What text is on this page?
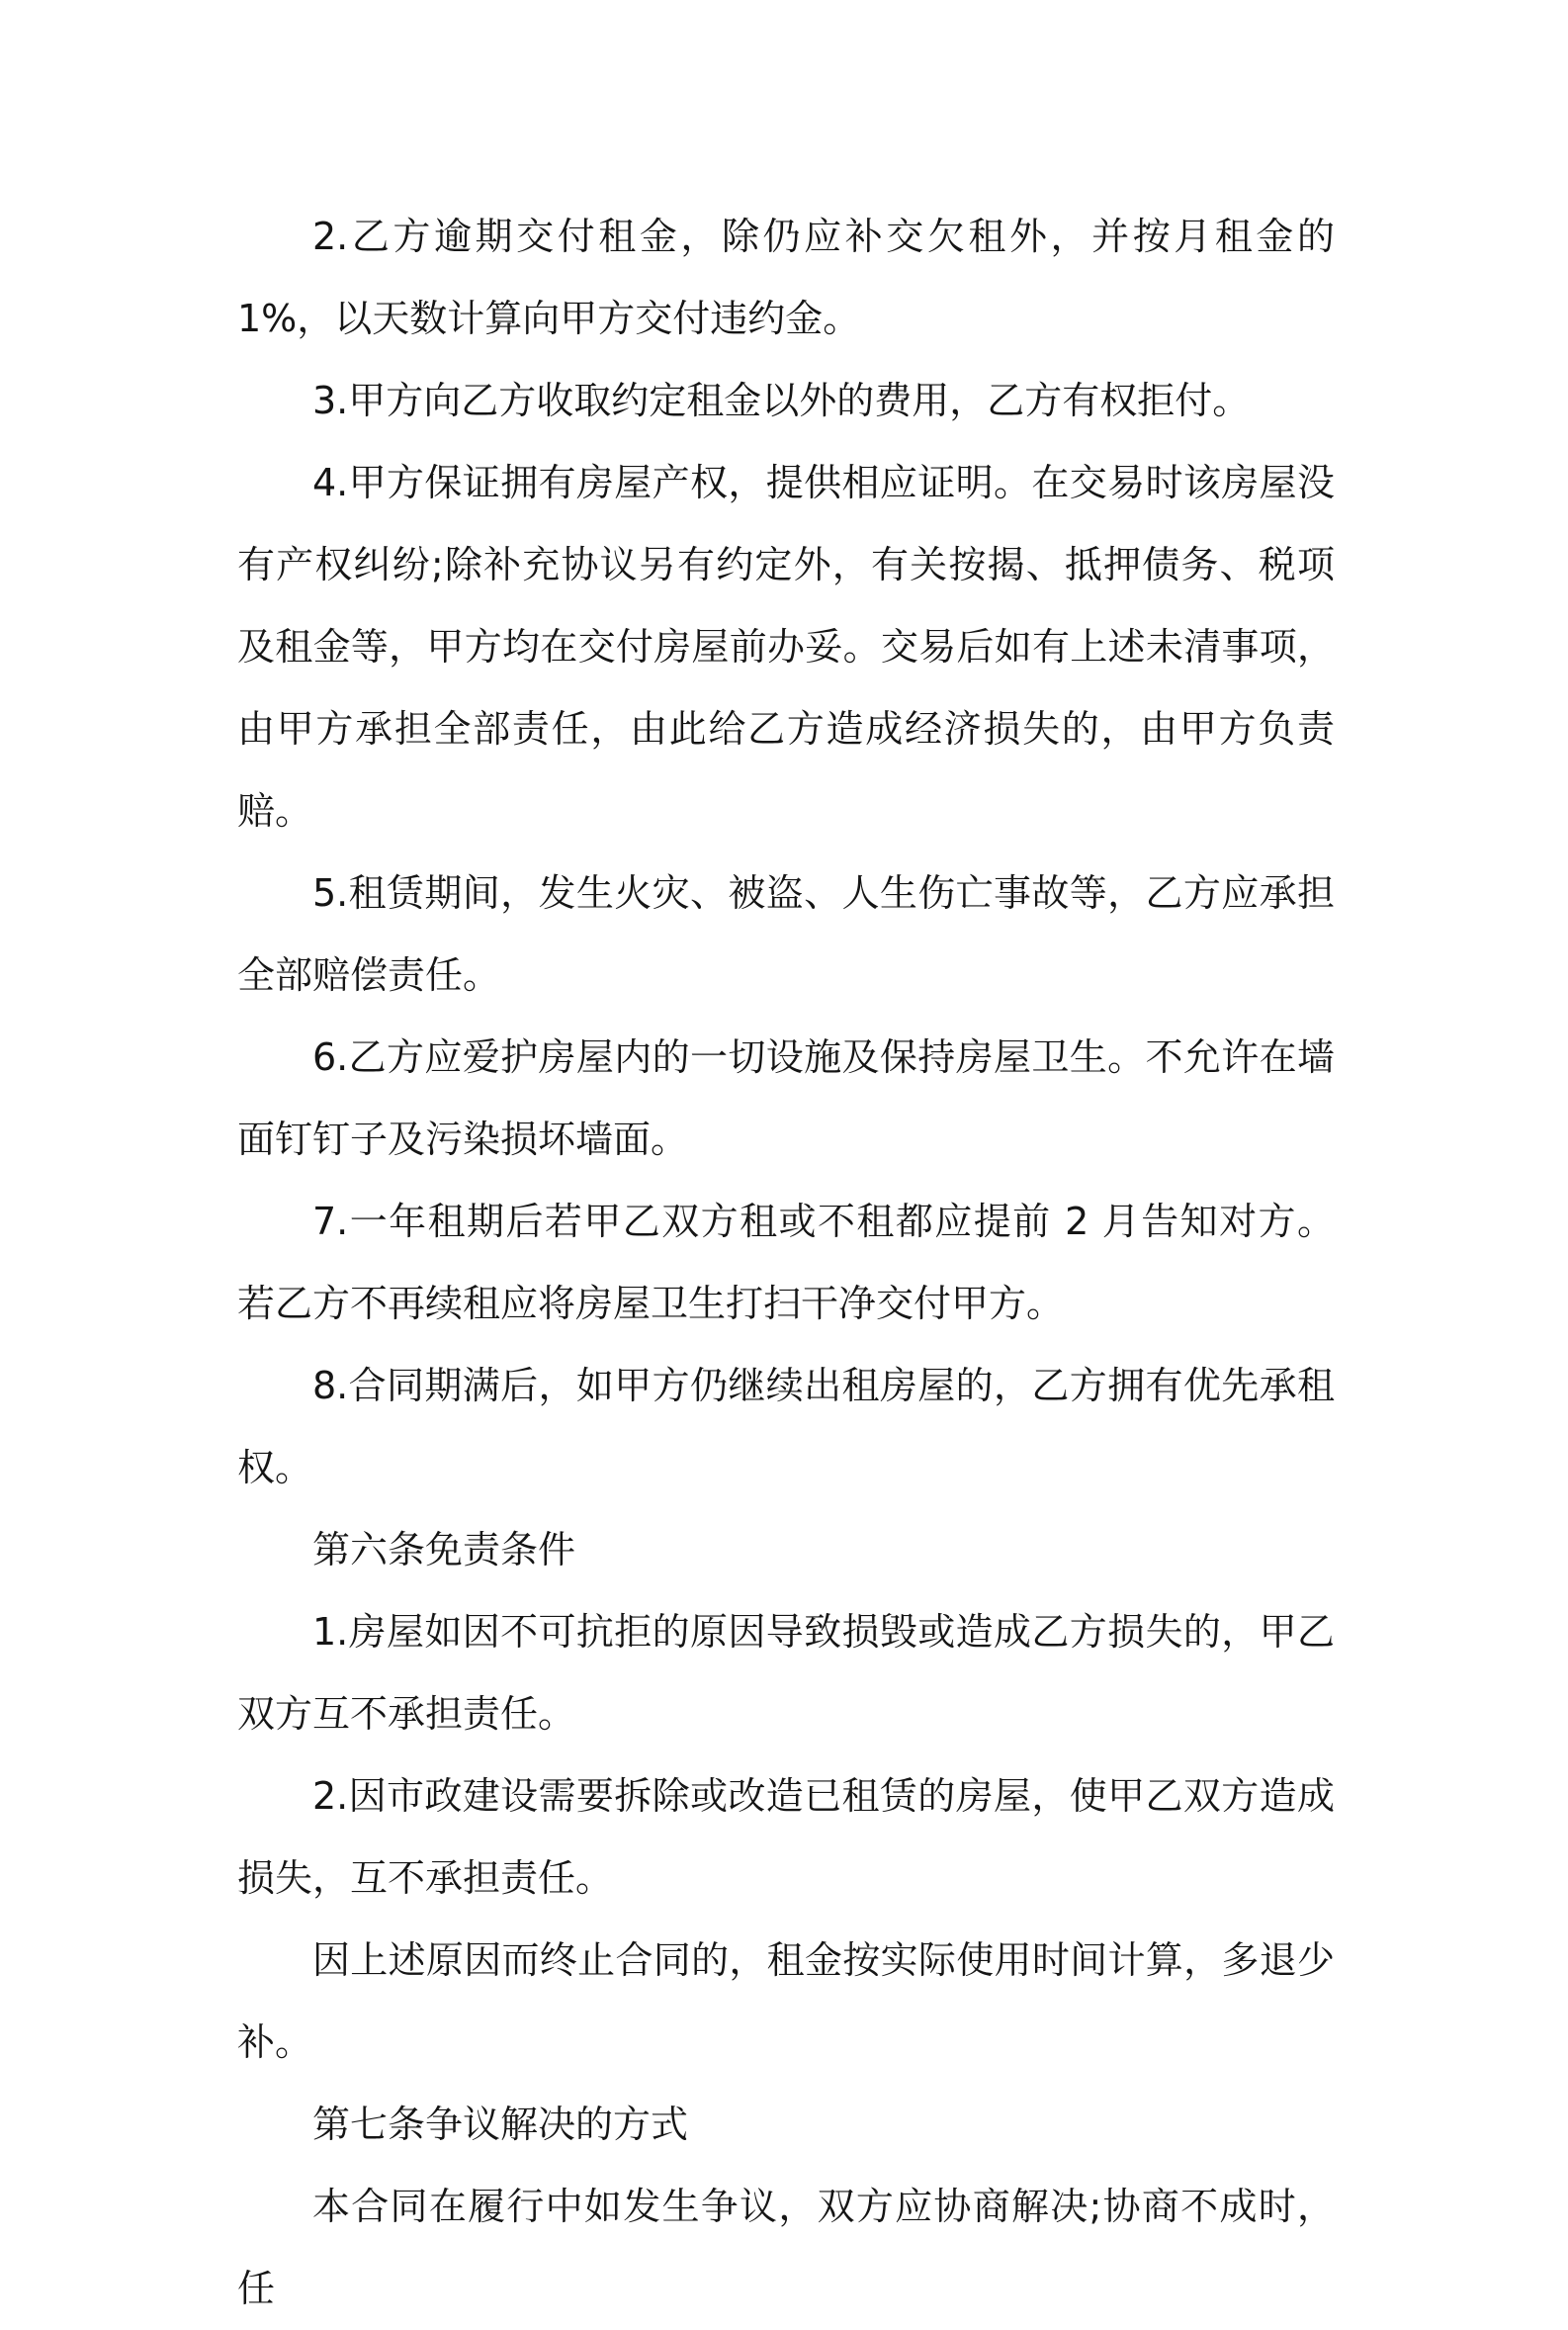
2.乙方逾期交付租金，除仍应补交欠租外，并按月租金的 1%，以天数计算向甲方交付违约金。

3.甲方向乙方收取约定租金以外的费用，乙方有权拒付。

4.甲方保证拥有房屋产权，提供相应证明。在交易时该房屋没有产权纠纷;除补充协议另有约定外，有关按揭、抵押债务、税项及租金等，甲方均在交付房屋前办妥。交易后如有上述未清事项，由甲方承担全部责任，由此给乙方造成经济损失的，由甲方负责赔。

5.租赁期间，发生火灾、被盗、人生伤亡事故等，乙方应承担全部赔偿责任。

6.乙方应爱护房屋内的一切设施及保持房屋卫生。不允许在墙面钉钉子及污染损坏墙面。

7.一年租期后若甲乙双方租或不租都应提前 2 月告知对方。若乙方不再续租应将房屋卫生打扫干净交付甲方。

8.合同期满后，如甲方仍继续出租房屋的，乙方拥有优先承租权。

第六条免责条件

1.房屋如因不可抗拒的原因导致损毁或造成乙方损失的，甲乙双方互不承担责任。

2.因市政建设需要拆除或改造已租赁的房屋，使甲乙双方造成损失，互不承担责任。

因上述原因而终止合同的，租金按实际使用时间计算，多退少补。

第七条争议解决的方式

本合同在履行中如发生争议，双方应协商解决;协商不成时，任
